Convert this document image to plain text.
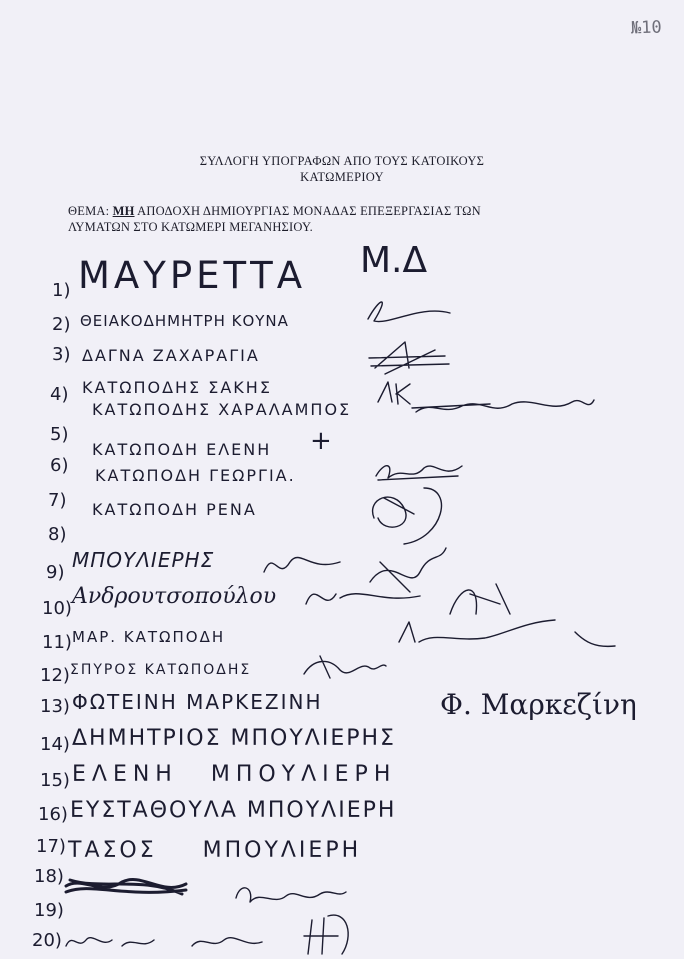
№10
ΣΥΛΛΟΓΗ ΥΠΟΓΡΑΦΩΝ ΑΠΟ ΤΟΥΣ ΚΑΤΟΙΚΟΥΣ
ΚΑΤΩΜΕΡΙΟΥ
ΘΕΜΑ: ΜΗ ΑΠΟΔΟΧΗ ΔΗΜΙΟΥΡΓΙΑΣ ΜΟΝΑΔΑΣ ΕΠΕΞΕΡΓΑΣΙΑΣ ΤΩΝ
ΛΥΜΑΤΩΝ ΣΤΟ ΚΑΤΩΜΕΡΙ ΜΕΓΑΝΗΣΙΟΥ.
1) ΜΑΥΡΕΤΤΑ Μ.Δ
2) ΘΕΙΑΚΟΔΗΜΗΤΡΗ ΚΟΥΝΑ
3) ΔΑΓΝΑ ΖΑΧΑΡΑΓΙΑ
4) ΚΑΤΩΠΟΔΗΣ ΣΑΚΗΣ
5)
ΚΑΤΩΠΟΔΗΣ ΧΑΡΑΛΑΜΠΟΣ
6)
ΚΑΤΩΠΟΔΗ ΕΛΕΝΗ +
7)
ΚΑΤΩΠΟΔΗ ΓΕΩΡΓΙΑ.
8)
ΚΑΤΩΠΟΔΗ ΡΕΝΑ
9)
ΜΠΟΥΛΙΕΡΗΣ
10) Ανδρουτσοπούλου
11) ΜΑΡ. ΚΑΤΩΠΟΔΗ
12) ΣΠΥΡΟΣ ΚΑΤΩΠΟΔΗΣ
13) ΦΩΤΕΙΝΗ ΜΑΡΚΕΖΙΝΗ	Φ. Μαρκεζίνη
14) ΔΗΜΗΤΡΙΟΣ ΜΠΟΥΛΙΕΡΗΣ
15) ΕΛΕΝΗ ΜΠΟΥΛΙΕΡΗ
16) ΕΥΣΤΑΘΟΥΛΑ ΜΠΟΥΛΙΕΡΗ
17) ΤΑΣΟΣ ΜΠΟΥΛΙΕΡΗ
18)
19)
20)
